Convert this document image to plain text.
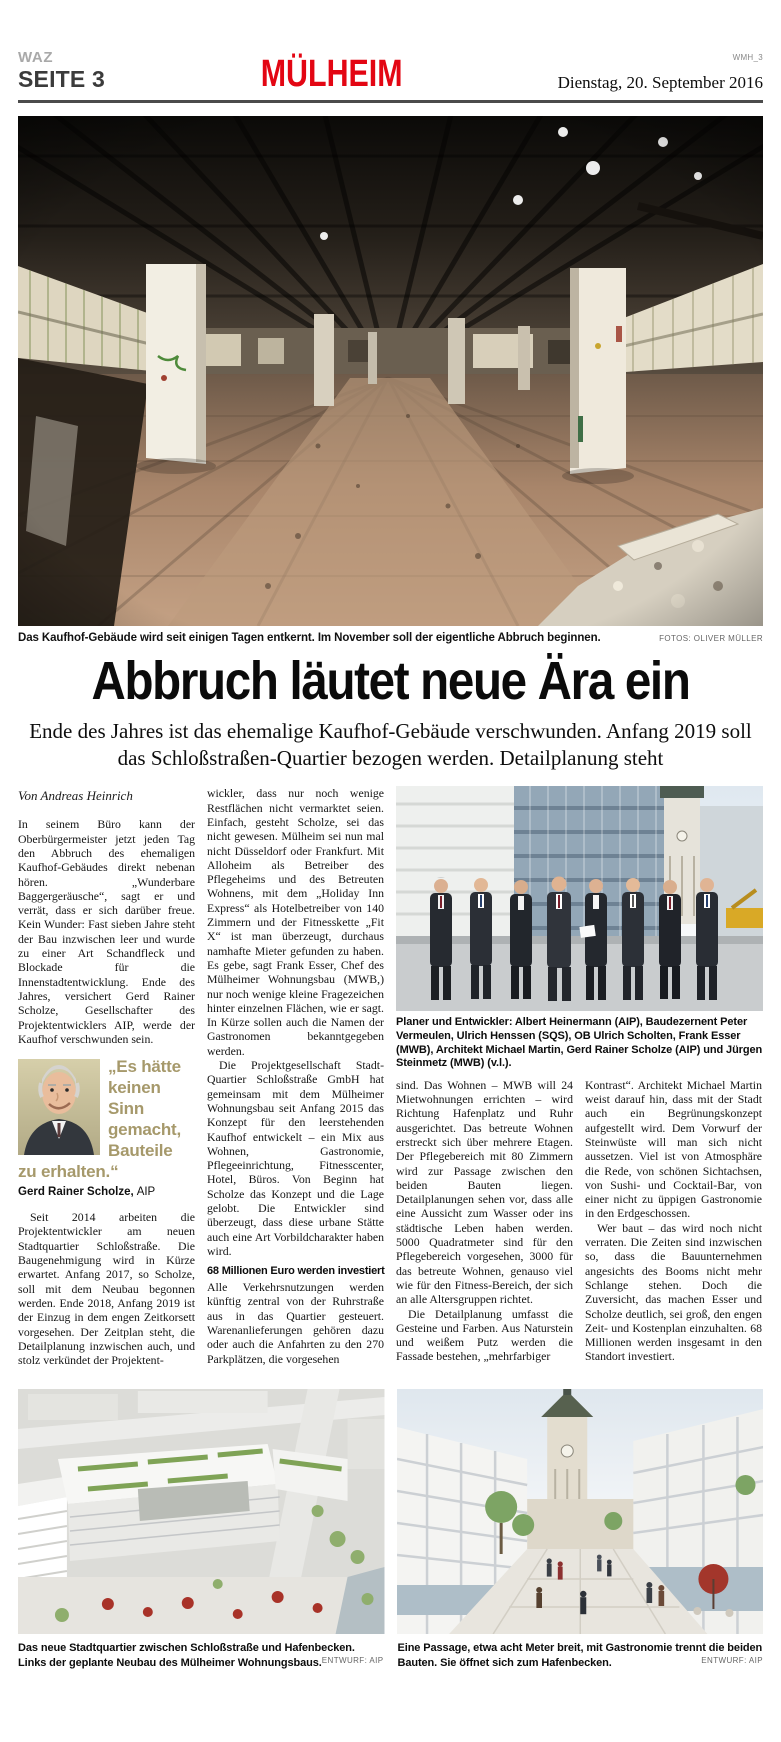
WAZ
SEITE 3	MÜLHEIM	WMH_3
Dienstag, 20. September 2016
Das Kaufhof-Gebäude wird seit einigen Tagen entkernt. Im November soll der eigentliche Abbruch beginnen.	FOTOS: OLIVER MÜLLER
Abbruch läutet neue Ära ein
Ende des Jahres ist das ehemalige Kaufhof-Gebäude verschwunden. Anfang 2019 soll das Schloßstraßen-Quartier bezogen werden. Detailplanung steht
Von Andreas Heinrich

In seinem Büro kann der Oberbürgermeister jetzt jeden Tag den Abbruch des ehemaligen Kaufhof-Gebäudes direkt nebenan hören. „Wunderbare Baggergeräusche“, sagt er und verrät, dass er sich darüber freue. Kein Wunder: Fast sieben Jahre steht der Bau inzwischen leer und wurde zu einer Art Schandfleck und Blockade für die Innenstadtentwicklung. Ende des Jahres, versichert Gerd Rainer Scholze, Gesellschafter des Projektentwicklers AIP, werde der Kaufhof verschwunden sein.

„Es hätte keinen Sinn gemacht, Bauteile zu erhalten.“
Gerd Rainer Scholze, AIP

Seit 2014 arbeiten die Projektentwickler am neuen Stadtquartier Schloßstraße. Die Baugenehmigung wird in Kürze erwartet. Anfang 2017, so Scholze, soll mit dem Neubau begonnen werden. Ende 2018, Anfang 2019 ist der Einzug in dem engen Zeitkorsett vorgesehen. Der Zeitplan steht, die Detailplanung inzwischen auch, und stolz verkündet der Projektent-

wickler, dass nur noch wenige Restflächen nicht vermarktet seien. Einfach, gesteht Scholze, sei das nicht gewesen. Mülheim sei nun mal nicht Düsseldorf oder Frankfurt. Mit Alloheim als Betreiber des Pflegeheims und des Betreuten Wohnens, mit dem „Holiday Inn Express“ als Hotelbetreiber von 140 Zimmern und der Fitnesskette „Fit X“ ist man überzeugt, durchaus namhafte Mieter gefunden zu haben. Es gebe, sagt Frank Esser, Chef des Mülheimer Wohnungsbau (MWB,) nur noch wenige kleine Fragezeichen hinter einzelnen Flächen, wie er sagt. In Kürze sollen auch die Namen der Gastronomen bekanntgegeben werden.

Die Projektgesellschaft Stadt-Quartier Schloßstraße GmbH hat gemeinsam mit dem Mülheimer Wohnungsbau seit Anfang 2015 das Konzept für den leerstehenden Kaufhof entwickelt – ein Mix aus Wohnen, Gastronomie, Pflegeeinrichtung, Fitnesscenter, Hotel, Büros. Von Beginn hat Scholze das Konzept und die Lage gelobt. Die Entwickler sind überzeugt, dass diese urbane Stätte auch eine Art Vorbildcharakter haben wird.

68 Millionen Euro werden investiert

Alle Verkehrsnutzungen werden künftig zentral von der Ruhrstraße aus in das Quartier gesteuert. Warenanlieferungen gehören dazu oder auch die Anfahrten zu den 270 Parkplätzen, die vorgesehen

Planer und Entwickler: Albert Heinermann (AIP), Baudezernent Peter Vermeulen, Ulrich Henssen (SQS), OB Ulrich Scholten, Frank Esser (MWB), Architekt Michael Martin, Gerd Rainer Scholze (AIP) und Jürgen Steinmetz (MWB) (v.l.).

sind. Das Wohnen – MWB will 24 Mietwohnungen errichten – wird Richtung Hafenplatz und Ruhr ausgerichtet. Das betreute Wohnen erstreckt sich über mehrere Etagen. Der Pflegebereich mit 80 Zimmern wird zur Passage zwischen den beiden Bauten liegen. Detailplanungen sehen vor, dass alle eine Aussicht zum Wasser oder ins städtische Leben haben werden. 5000 Quadratmeter sind für den Pflegebereich vorgesehen, 3000 für das betreute Wohnen, genauso viel wie für den Fitness-Bereich, der sich an alle Altersgruppen richtet.

Die Detailplanung umfasst die Gesteine und Farben. Aus Naturstein und weißem Putz werden die Fassade bestehen, „mehrfarbiger

Kontrast“. Architekt Michael Martin weist darauf hin, dass mit der Stadt auch ein Begrünungskonzept aufgestellt wird. Dem Vorwurf der Steinwüste will man sich nicht aussetzen. Viel ist von Atmosphäre die Rede, von schönen Sichtachsen, von Sushi- und Cocktail-Bar, von einer nicht zu üppigen Gastronomie in den Erdgeschossen.

Wer baut – das wird noch nicht verraten. Die Zeiten sind inzwischen so, dass die Bauunternehmen angesichts des Booms nicht mehr Schlange stehen. Doch die Zuversicht, das machen Esser und Scholze deutlich, sei groß, den engen Zeit- und Kostenplan einzuhalten. 68 Millionen werden insgesamt in den Standort investiert.

Das neue Stadtquartier zwischen Schloßstraße und Hafenbecken. Links der geplante Neubau des Mülheimer Wohnungsbaus. ENTWURF: AIP
Eine Passage, etwa acht Meter breit, mit Gastronomie trennt die beiden Bauten. Sie öffnet sich zum Hafenbecken.	ENTWURF: AIP
